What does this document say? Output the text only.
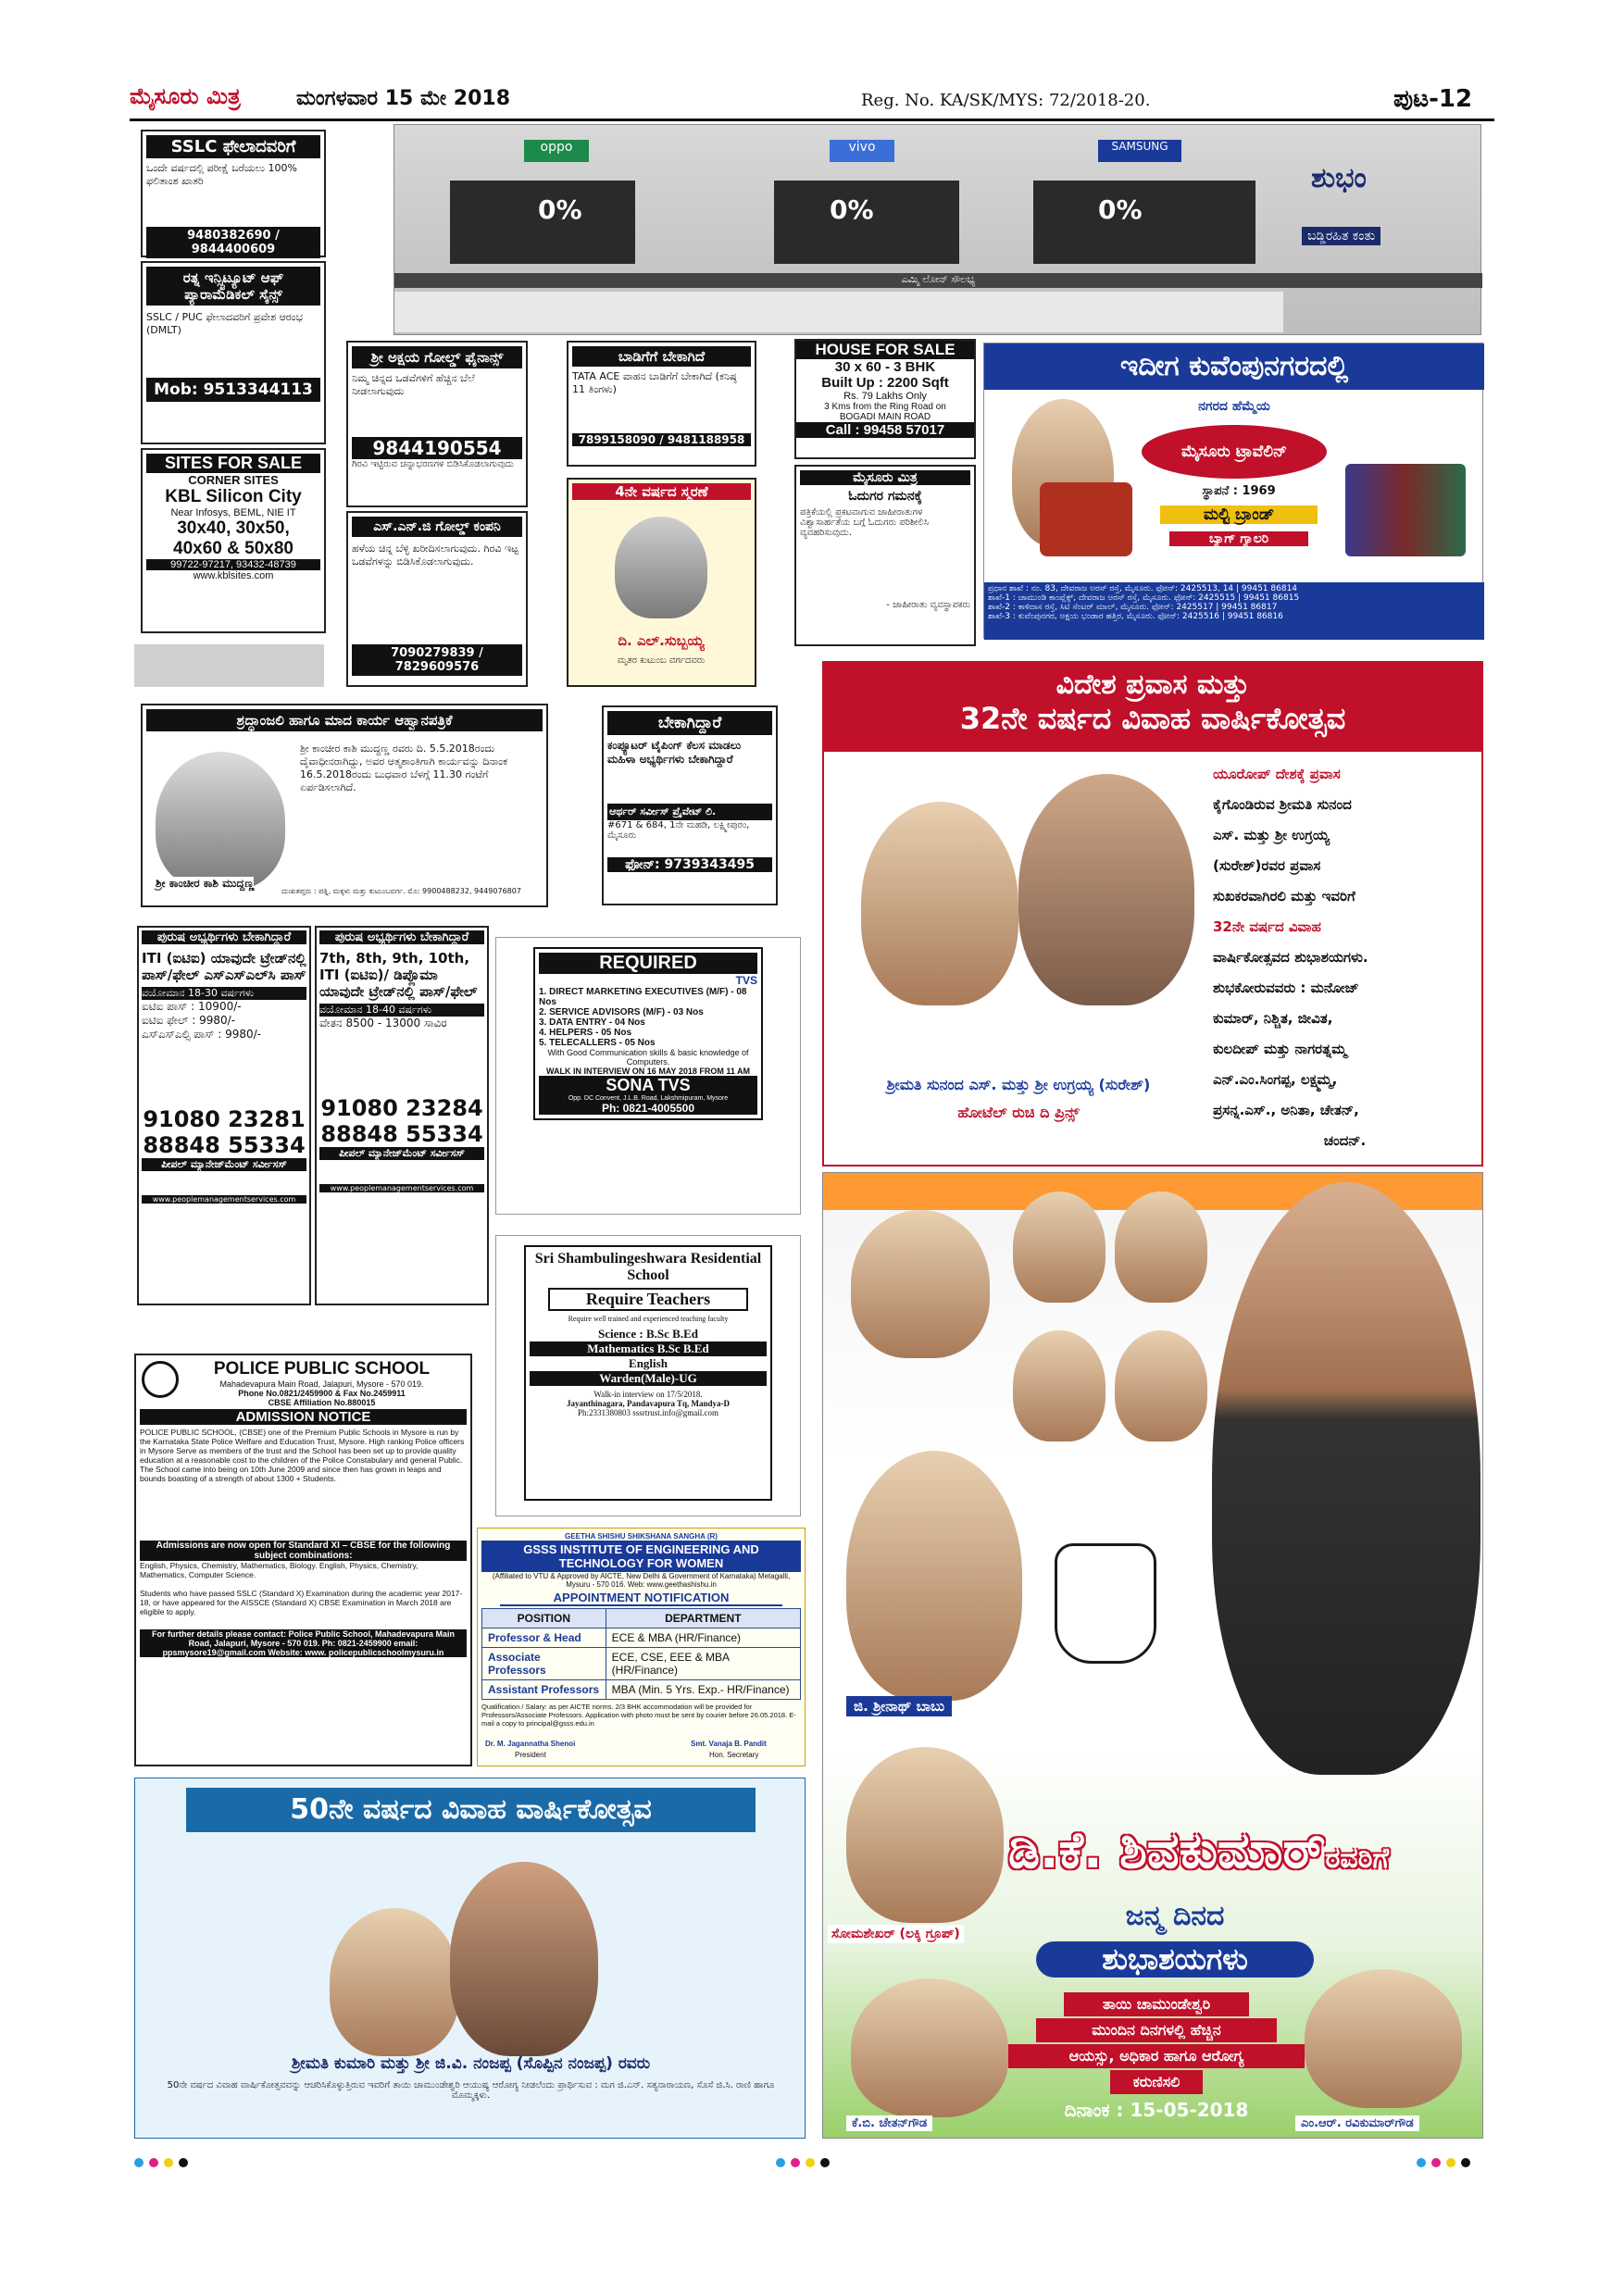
ಮೈಸೂರು ಮಿತ್ರ	ಮಂಗಳವಾರ 15 ಮೇ 2018	Reg. No. KA/SK/MYS: 72/2018-20.	ಪುಟ-12
SSLC ಫೇಲಾದವರಿಗೆ
ಒಂದೇ ವರ್ಷದಲ್ಲಿ ಪರೀಕ್ಷೆ ಬರೆಯಲು 100% ಫಲಿತಾಂಶ ಖಾತರಿ
9480382690 / 9844400609
ರತ್ನ ಇನ್ಸ್ಟಿಟ್ಯೂಟ್ ಆಫ್ ಪ್ಯಾರಾಮೆಡಿಕಲ್ ಸೈನ್ಸ್
SSLC / PUC ಫೇಲಾದವರಿಗೆ ಪ್ರವೇಶ ಆರಂಭ (DMLT)
Mob: 9513344113
SITES FOR SALE
CORNER SITES
KBL Silicon City
Near Infosys, BEML, NIE IT
30x40, 30x50,
40x60 & 50x80
99722-97217, 93432-48739
www.kblsites.com
oppo	vivo	SAMSUNG
0%	0%	0%
ಶುಭಂ
ಬಡ್ಡಿರಹಿತ ಕಂತು
ಎಮ್ಮಿ ಲೋನ್ ಸೌಲಭ್ಯ
ಶ್ರೀ ಅಕ್ಷಯ ಗೋಲ್ಡ್ ಫೈನಾನ್ಸ್
ನಿಮ್ಮ ಚಿನ್ನದ ಒಡವೆಗಳಿಗೆ ಹೆಚ್ಚಿನ ಬೆಲೆ ನೀಡಲಾಗುವುದು
9844190554
ಗಿರವಿ ಇಟ್ಟಿರುವ ಚಿನ್ನಾಭರಣಗಳ ಬಿಡಿಸಿಕೊಡಲಾಗುವುದು
ಎಸ್.ಎನ್.ಜಿ ಗೋಲ್ಡ್ ಕಂಪನಿ
ಹಳೆಯ ಚಿನ್ನ ಬೆಳ್ಳಿ ಖರೀದಿಸಲಾಗುವುದು. ಗಿರವಿ ಇಟ್ಟ ಒಡವೆಗಳನ್ನು ಬಿಡಿಸಿಕೊಡಲಾಗುವುದು.
7090279839 / 7829609576
ಬಾಡಿಗೆಗೆ ಬೇಕಾಗಿದೆ
TATA ACE ವಾಹನ ಬಾಡಿಗೆಗೆ ಬೇಕಾಗಿದೆ (ಕನಿಷ್ಠ 11 ತಿಂಗಳು)
7899158090 / 9481188958
4ನೇ ವರ್ಷದ ಸ್ಮರಣೆ
ದಿ. ಎಲ್.ಸುಬ್ಬಯ್ಯ
ಮೃತರ ಕುಟುಂಬ ವರ್ಗದವರು
HOUSE FOR SALE
30 x 60 - 3 BHK
Built Up : 2200 Sqft
Rs. 79 Lakhs Only
3 Kms from the Ring Road on
BOGADI MAIN ROAD
Call : 99458 57017
ಮೈಸೂರು ಮಿತ್ರ
ಓದುಗರ ಗಮನಕ್ಕೆ
ಪತ್ರಿಕೆಯಲ್ಲಿ ಪ್ರಕಟವಾಗುವ ಜಾಹೀರಾತುಗಳ ವಿಶ್ವಾಸಾರ್ಹತೆಯ ಬಗ್ಗೆ ಓದುಗರು ಪರಿಶೀಲಿಸಿ ವ್ಯವಹರಿಸುವುದು.
- ಜಾಹೀರಾತು ವ್ಯವಸ್ಥಾಪಕರು
ಇದೀಗ ಕುವೆಂಪುನಗರದಲ್ಲಿ
ನಗರದ ಹೆಮ್ಮೆಯ
ಮೈಸೂರು ಟ್ರಾವೆಲಿನ್
ಸ್ಥಾಪನೆ : 1969
ಮಲ್ಟಿ ಬ್ರಾಂಡ್
ಬ್ಯಾಗ್ ಗ್ಯಾಲರಿ
ಪ್ರಧಾನ ಶಾಖೆ : ನಂ. 83, ದೇವರಾಜ ಅರಸ್ ರಸ್ತೆ, ಮೈಸೂರು. ಫೋನ್: 2425513, 14 | 99451 86814
ಶಾಖೆ-1 : ಚಾಮುಂಡಿ ಕಾಂಪ್ಲೆಕ್ಸ್, ದೇವರಾಜ ಅರಸ್ ರಸ್ತೆ, ಮೈಸೂರು. ಫೋನ್: 2425515 | 99451 86815
ಶಾಖೆ-2 : ಕಾಳಿದಾಸ ರಸ್ತೆ, ಸಿಟಿ ಸೆಂಟರ್ ಮಾಲ್, ಮೈಸೂರು. ಫೋನ್: 2425517 | 99451 86817
ಶಾಖೆ-3 : ಕುವೆಂಪುನಗರ, ಅಕ್ಷಯ ಭಂಡಾರ ಹತ್ತಿರ, ಮೈಸೂರು. ಫೋನ್: 2425516 | 99451 86816
ಶ್ರದ್ಧಾಂಜಲಿ ಹಾಗೂ ಮಾದ ಕಾರ್ಯ ಆಹ್ವಾನಪತ್ರಿಕೆ
ಶ್ರೀ ಕಾಂಚೀರ ಕಾಶಿ ಮುದ್ದಣ್ಣ ರವರು ದಿ. 5.5.2018ರಂದು ದೈವಾಧೀನರಾಗಿದ್ದು, ಅವರ ಆತ್ಮಶಾಂತಿಗಾಗಿ ಕಾರ್ಯವನ್ನು ದಿನಾಂಕ 16.5.2018ರಂದು ಬುಧವಾರ ಬೆಳಗ್ಗೆ 11.30 ಗಂಟೆಗೆ ಏರ್ಪಡಿಸಲಾಗಿದೆ.
ಶ್ರೀ ಕಾಂಚೀರ ಕಾಶಿ ಮುದ್ದಣ್ಣ
ದುಃಖತಪ್ತರು : ಪತ್ನಿ, ಮಕ್ಕಳು ಮತ್ತು ಕುಟುಂಬವರ್ಗ. ಮೊ: 9900488232, 9449076807
ಬೇಕಾಗಿದ್ದಾರೆ
ಕಂಪ್ಯೂಟರ್ ಟೈಪಿಂಗ್ ಕೆಲಸ ಮಾಡಲು ಮಹಿಳಾ ಅಭ್ಯರ್ಥಿಗಳು ಬೇಕಾಗಿದ್ದಾರೆ
ಆರ್ಥರ್ ಸರ್ವೀಸ್ ಪ್ರೈವೇಟ್ ಲಿ.
#671 & 684, 1ನೇ ಮಹಡಿ, ಲಕ್ಷ್ಮೀಪುರಂ, ಮೈಸೂರು
ಫೋನ್: 9739343495
ವಿದೇಶ ಪ್ರವಾಸ ಮತ್ತು
32ನೇ ವರ್ಷದ ವಿವಾಹ ವಾರ್ಷಿಕೋತ್ಸವ
ಯೂರೋಪ್ ದೇಶಕ್ಕೆ ಪ್ರವಾಸ
ಕೈಗೊಂಡಿರುವ ಶ್ರೀಮತಿ ಸುನಂದ
ಎಸ್. ಮತ್ತು ಶ್ರೀ ಉಗ್ರಯ್ಯ
(ಸುರೇಶ್)ರವರ ಪ್ರವಾಸ
ಸುಖಕರವಾಗಿರಲಿ ಮತ್ತು ಇವರಿಗೆ
32ನೇ ವರ್ಷದ ವಿವಾಹ
ವಾರ್ಷಿಕೋತ್ಸವದ ಶುಭಾಶಯಗಳು.
ಶುಭಕೋರುವವರು : ಮನೋಜ್
ಕುಮಾರ್, ನಿಶ್ಚಿತ, ಜೀವಿತ,
ಕುಲದೀಪ್ ಮತ್ತು ನಾಗರತ್ನಮ್ಮ
ಎನ್.ಎಂ.ಸಿಂಗಪ್ಪ, ಲಕ್ಷ್ಮಮ್ಮ,
ಪ್ರಸನ್ನ.ಎಸ್., ಅನಿತಾ, ಚೇತನ್,
ಚಂದನ್.
ಶ್ರೀಮತಿ ಸುನಂದ ಎಸ್. ಮತ್ತು ಶ್ರೀ ಉಗ್ರಯ್ಯ (ಸುರೇಶ್)
ಹೋಟೆಲ್ ರುಚಿ ದಿ ಪ್ರಿನ್ಸ್
ಪುರುಷ ಅಭ್ಯರ್ಥಿಗಳು ಬೇಕಾಗಿದ್ದಾರೆ
ITI (ಐಟಿಐ) ಯಾವುದೇ ಟ್ರೇಡ್‌ನಲ್ಲಿ ಪಾಸ್/ಫೇಲ್ ಎಸ್‌ಎಸ್‌ಎಲ್‌ಸಿ ಪಾಸ್
ವಯೋಮಾನ 18-30 ವರ್ಷಗಳು
ಐಟಿಐ ಪಾಸ್ : 10900/-
ಐಟಿಐ ಫೇಲ್ : 9980/-
ಎಸ್ಎಸ್ಎಲ್ಸಿ ಪಾಸ್ : 9980/-
91080 23281
88848 55334
ಪೀಪಲ್ ಮ್ಯಾನೇಜ್‌ಮೆಂಟ್ ಸರ್ವೀಸಸ್
www.peoplemanagementservices.com
ಪುರುಷ ಅಭ್ಯರ್ಥಿಗಳು ಬೇಕಾಗಿದ್ದಾರೆ
7th, 8th, 9th, 10th, ITI (ಐಟಿಐ)/ ಡಿಪ್ಲೊಮಾ ಯಾವುದೇ ಟ್ರೇಡ್‌ನಲ್ಲಿ ಪಾಸ್/ಫೇಲ್
ವಯೋಮಾನ 18-40 ವರ್ಷಗಳು
ವೇತನ 8500 - 13000 ಸಾವಿರ
91080 23284
88848 55334
ಪೀಪಲ್ ಮ್ಯಾನೇಜ್‌ಮೆಂಟ್ ಸರ್ವೀಸಸ್
www.peoplemanagementservices.com
REQUIRED
TVS
1. DIRECT MARKETING EXECUTIVES (M/F) - 08 Nos
2. SERVICE ADVISORS (M/F) - 03 Nos
3. DATA ENTRY - 04 Nos
4. HELPERS - 05 Nos
5. TELECALLERS - 05 Nos
With Good Communication skills & basic knowledge of Computers.
WALK IN INTERVIEW ON 16 MAY 2018 FROM 11 AM
SONA TVS
Opp. DC Convent, J.L.B. Road, Lakshmipuram, Mysore
Ph: 0821-4005500
Sri Shambulingeshwara Residential School
Require Teachers
Require well trained and experienced teaching faculty
Science : B.Sc B.Ed
Mathematics B.Sc B.Ed
English
Warden(Male)-UG
Walk-in interview on 17/5/2018.
Jayanthinagara, Pandavapura Tq, Mandya-D
Ph:2331380803 sssrtrust.info@gmail.com
POLICE PUBLIC SCHOOL
Mahadevapura Main Road, Jalapuri, Mysore - 570 019.
Phone No.0821/2459900 & Fax No.2459911
CBSE Affiliation No.880015
ADMISSION NOTICE
POLICE PUBLIC SCHOOL, (CBSE) one of the Premium Public Schools in Mysore is run by the Karnataka State Police Welfare and Education Trust, Mysore. High ranking Police officers in Mysore Serve as members of the trust and the School has been set up to provide quality education at a reasonable cost to the children of the Police Constabulary and general Public. The School came into being on 10th June 2009 and since then has grown in leaps and bounds boasting of a strength of about 1300 + Students.
Admissions are now open for Standard XI – CBSE for the following subject combinations:
English, Physics, Chemistry, Mathematics, Biology. English, Physics, Chemistry, Mathematics, Computer Science.
Students who have passed SSLC (Standard X) Examination during the academic year 2017-18, or have appeared for the AISSCE (Standard X) CBSE Examination in March 2018 are eligible to apply.
For further details please contact: Police Public School, Mahadevapura Main Road, Jalapuri, Mysore - 570 019. Ph: 0821-2459900 email: ppsmysore19@gmail.com Website: www. policepublicschoolmysuru.in
GEETHA SHISHU SHIKSHANA SANGHA (R)
GSSS INSTITUTE OF ENGINEERING AND TECHNOLOGY FOR WOMEN
(Affiliated to VTU & Approved by AICTE, New Delhi & Government of Karnataka) Metagalli, Mysuru - 570 016. Web: www.geethashishu.in
APPOINTMENT NOTIFICATION
POSITION	DEPARTMENT
Professor & Head	ECE & MBA (HR/Finance)
Associate Professors	ECE, CSE, EEE & MBA (HR/Finance)
Assistant Professors	MBA (Min. 5 Yrs. Exp.- HR/Finance)
Qualification / Salary: as per AICTE norms. 2/3 BHK accommodation will be provided for Professors/Associate Professors. Application with photo must be sent by courier before 26.05.2018. E-mail a copy to principal@gsss.edu.in
Dr. M. Jagannatha Shenoi
President
Smt. Vanaja B. Pandit
Hon. Secretary
50ನೇ ವರ್ಷದ ವಿವಾಹ ವಾರ್ಷಿಕೋತ್ಸವ
ಶ್ರೀಮತಿ ಕುಮಾರಿ ಮತ್ತು ಶ್ರೀ ಜಿ.ವಿ. ನಂಜಪ್ಪ (ಸೊಪ್ಪಿನ ನಂಜಪ್ಪ) ರವರು
50ನೇ ವರ್ಷದ ವಿವಾಹ ವಾರ್ಷಿಕೋತ್ಸವವನ್ನು ಆಚರಿಸಿಕೊಳ್ಳುತ್ತಿರುವ ಇವರಿಗೆ ತಾಯಿ ಚಾಮುಂಡೇಶ್ವರಿ ಆಯುಷ್ಯ ಆರೋಗ್ಯ ನೀಡಲೆಂದು ಪ್ರಾರ್ಥಿಸುವ : ಮಗ ಜಿ.ಎನ್. ಸತ್ಯನಾರಾಯಣ, ಸೊಸೆ ಜಿ.ಸಿ. ರಾಣಿ ಹಾಗೂ ಮೊಮ್ಮಕ್ಕಳು.
ಜಿ. ಶ್ರೀನಾಥ್ ಬಾಬು
ಡಿ.ಕೆ. ಶಿವಕುಮಾರ್ರವರಿಗೆ
ಸೋಮಶೇಖರ್ (ಲಕ್ಕಿ ಗ್ರೂಪ್)
ಜನ್ಮ ದಿನದ
ಶುಭಾಶಯಗಳು
ತಾಯಿ ಚಾಮುಂಡೇಶ್ವರಿ
ಮುಂದಿನ ದಿನಗಳಲ್ಲಿ ಹೆಚ್ಚಿನ
ಆಯಸ್ಸು, ಅಧಿಕಾರ ಹಾಗೂ ಆರೋಗ್ಯ
ಕರುಣಿಸಲಿ
ದಿನಾಂಕ : 15-05-2018
ಕೆ.ಬಿ. ಚೇತನ್‌ಗೌಡ	ಎಂ.ಆರ್. ರವಿಕುಮಾರ್‌ಗೌಡ
